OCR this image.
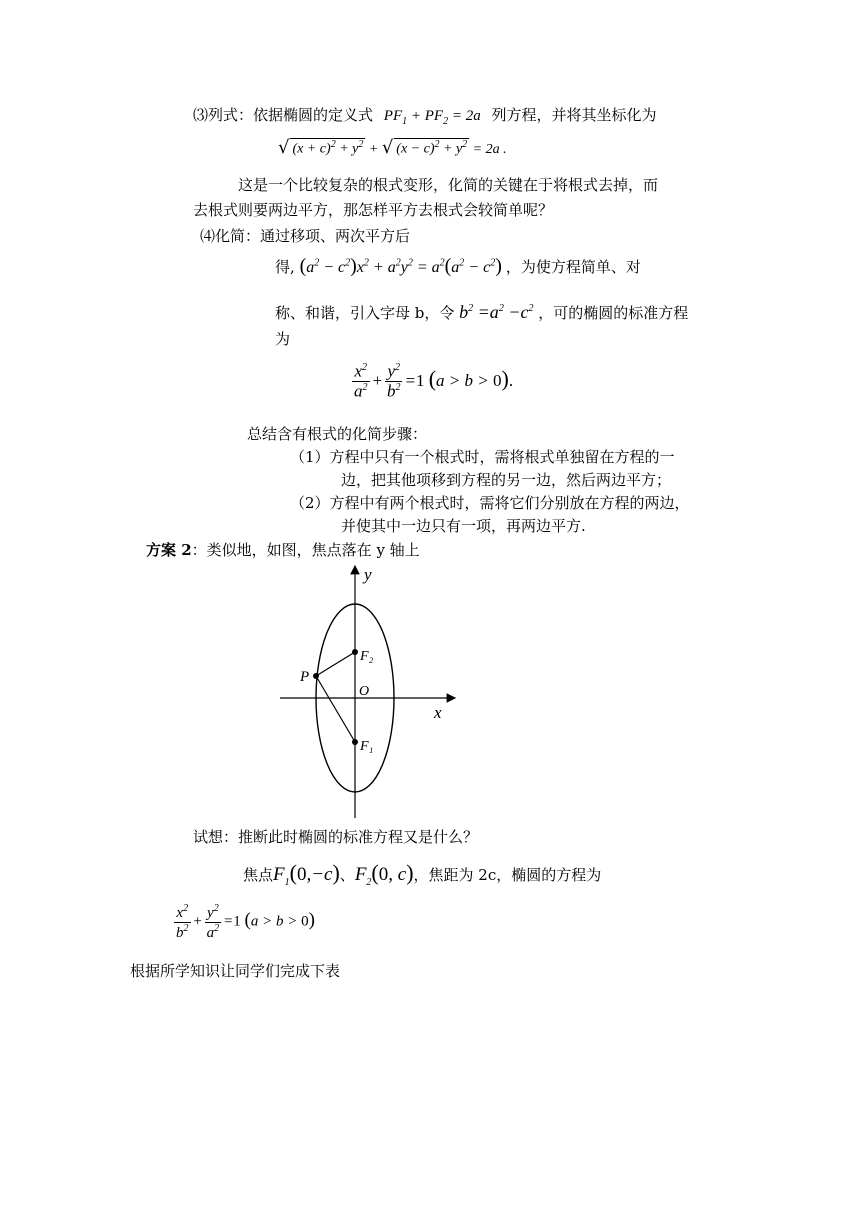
⑶列式：依据椭圆的定义式 $PF_1 + PF_2 = 2a$ 列方程，并将其坐标化为
√ $(x + c)^2 + y^2$ + √ $(x - c)^2 + y^2 = 2a$ .
这是一个比较复杂的根式变形，化简的关键在于将根式去掉，而
去根式则要两边平方，那怎样平方去根式会较简单呢？
⑷化简：通过移项、两次平方后
得, $(a^2 - c^2)x^2 + a^2y^2 = a^2(a^2 - c^2)$ ，为使方程简单、对
称、和谐，引入字母 b，令 $b^2 =a^2 -c^2$ ，可的椭圆的标准方程
为
$\frac{x^2}{a^2} + \frac{y^2}{b^2} =1$ (a > b > 0).
总结含有根式的化简步骤：
（1）方程中只有一个根式时，需将根式单独留在方程的一
边，把其他项移到方程的另一边，然后两边平方；
（2）方程中有两个根式时，需将它们分别放在方程的两边，
并使其中一边只有一项，再两边平方.
方案 2：类似地，如图，焦点落在 y 轴上
y
x
O
P
F₂
F₁
试想：推断此时椭圆的标准方程又是什么？
焦点$F_1(0,-c)$、$F_2(0$, c)，焦距为 2c，椭圆的方程为
$\frac{x^2}{b^2} + \frac{y^2}{a^2} =1$ (a > b > 0)
根据所学知识让同学们完成下表
